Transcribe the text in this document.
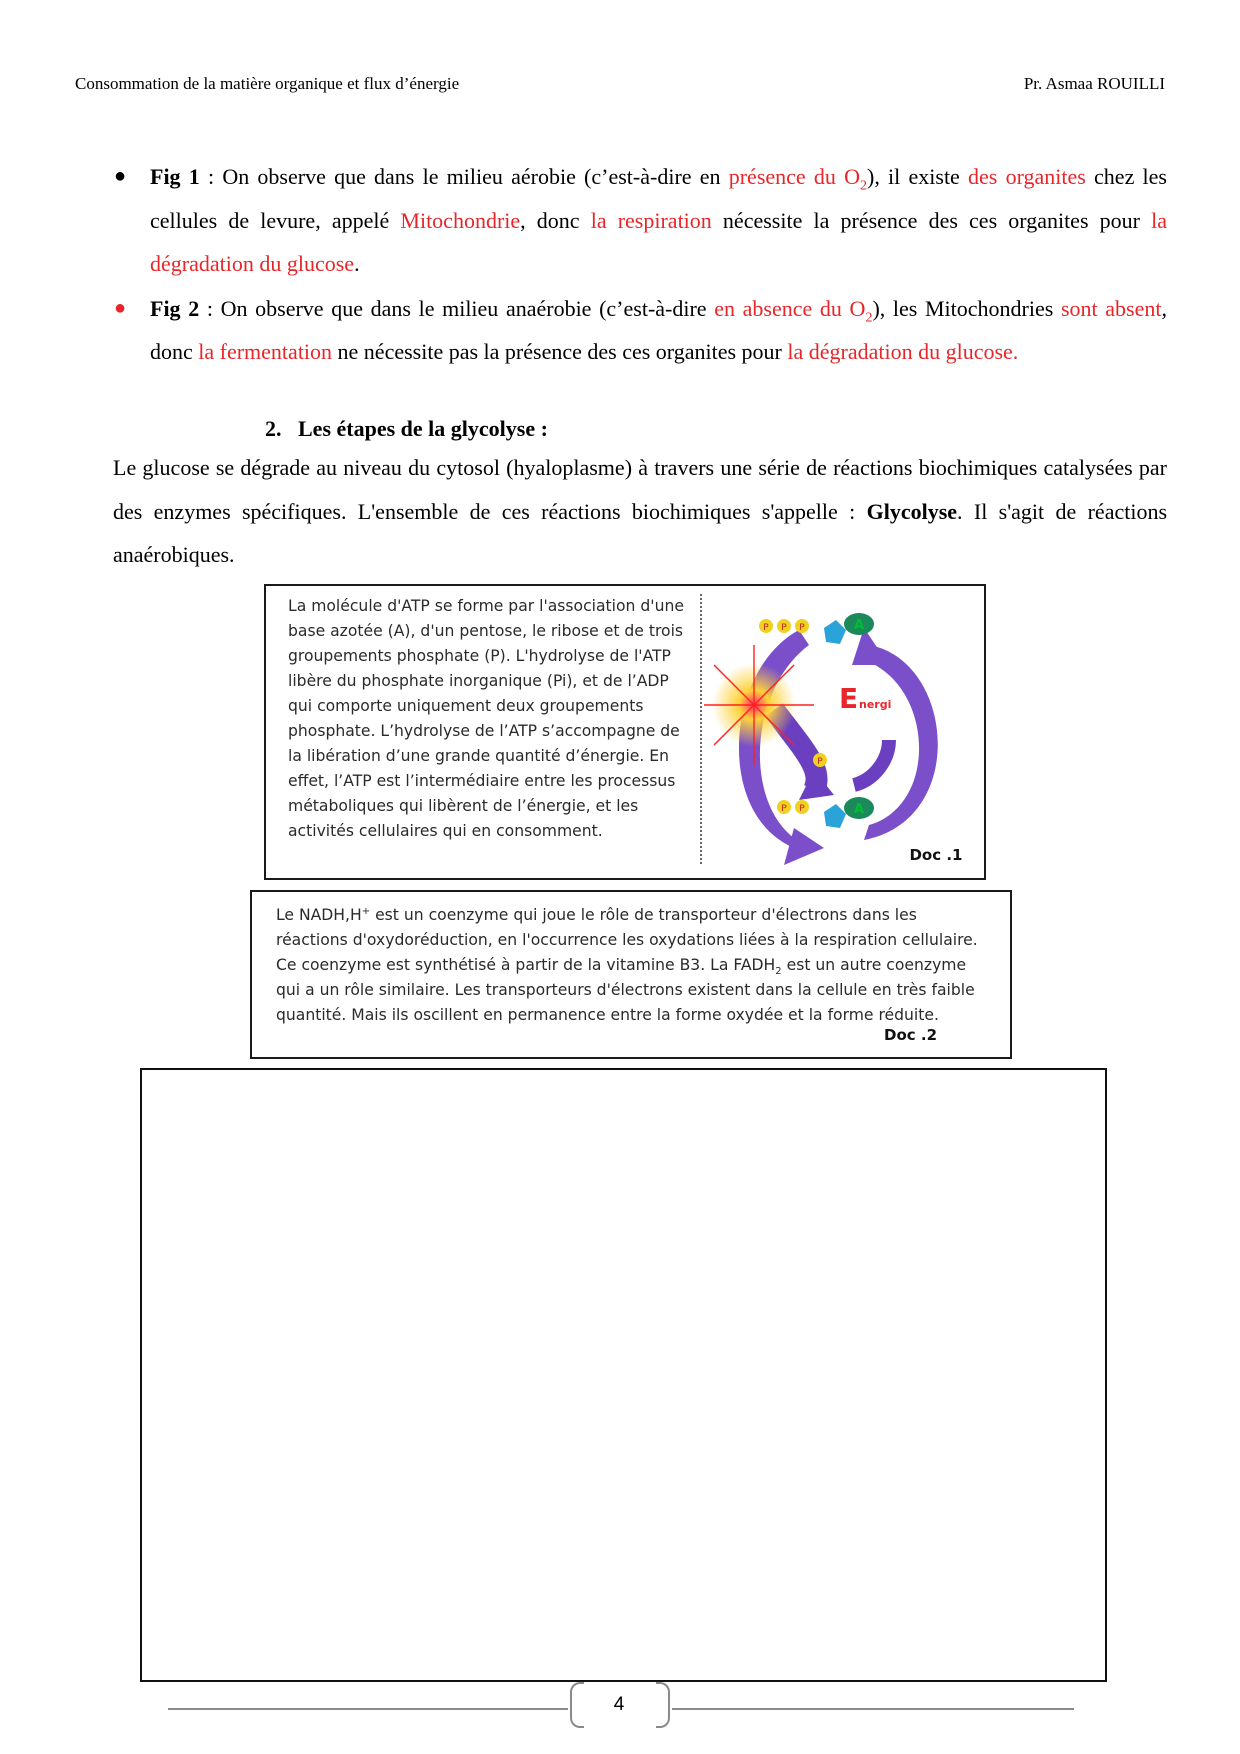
Consommation de la matière organique et flux d’énergie	Pr. Asmaa ROUILLI
● Fig 1 : On observe que dans le milieu aérobie (c’est-à-dire en présence du $O_2$), il existe des organites chez les cellules de levure, appelé Mitochondrie, donc la respiration nécessite la présence des ces organites pour la dégradation du glucose.
● Fig 2 : On observe que dans le milieu anaérobie (c’est-à-dire en absence du $O_2$), les Mitochondries sont absent, donc la fermentation ne nécessite pas la présence des ces organites pour la dégradation du glucose.
2. Les étapes de la glycolyse :
Le glucose se dégrade au niveau du cytosol (hyaloplasme) à travers une série de réactions biochimiques catalysées par des enzymes spécifiques. L'ensemble de ces réactions biochimiques s'appelle : Glycolyse. Il s'agit de réactions anaérobiques.
La molécule d'ATP se forme par l'association d'une base azotée (A), d'un pentose, le ribose et de trois groupements phosphate (P). L'hydrolyse de l'ATP libère du phosphate inorganique (Pi), et de l’ADP qui comporte uniquement deux groupements phosphate. L’hydrolyse de l’ATP s’accompagne de la libération d’une grande quantité d’énergie. En effet, l’ATP est l’intermédiaire entre les processus métaboliques qui libèrent de l’énergie, et les activités cellulaires qui en consomment.
P P P	A
E nergi
P
P P	A
Doc .1
Le NADH,H+ est un coenzyme qui joue le rôle de transporteur d'électrons dans les réactions d'oxydoréduction, en l'occurrence les oxydations liées à la respiration cellulaire. Ce coenzyme est synthétisé à partir de la vitamine B3. La $FADH_2$ est un autre coenzyme qui a un rôle similaire. Les transporteurs d'électrons existent dans la cellule en très faible quantité. Mais ils oscillent en permanence entre la forme oxydée et la forme réduite.
Doc .2
4
